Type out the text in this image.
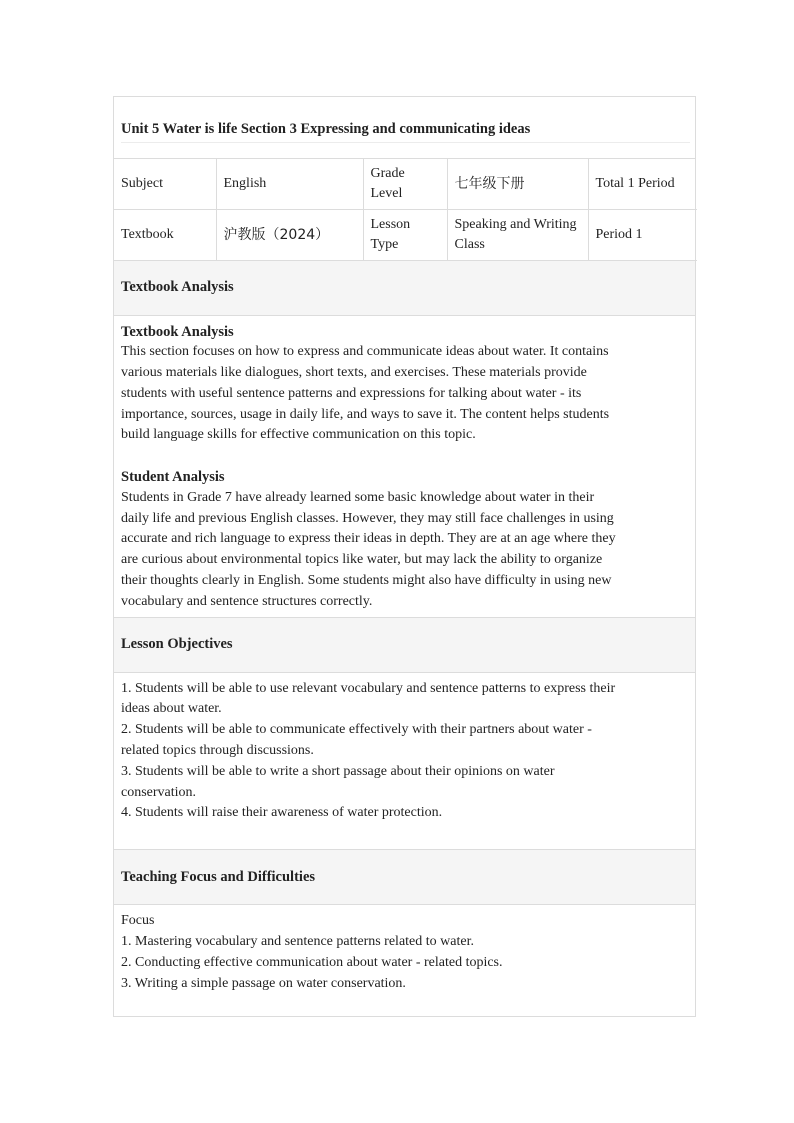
Unit 5 Water is life Section 3 Expressing and communicating ideas
Subject	English	Grade Level	七年级下册	Total 1 Period
Textbook	沪教版（2024）	Lesson Type	Speaking and Writing Class	Period 1
Textbook Analysis
Textbook Analysis
This section focuses on how to express and communicate ideas about water. It contains
various materials like dialogues, short texts, and exercises. These materials provide
students with useful sentence patterns and expressions for talking about water - its
importance, sources, usage in daily life, and ways to save it. The content helps students
build language skills for effective communication on this topic.
Student Analysis
Students in Grade 7 have already learned some basic knowledge about water in their
daily life and previous English classes. However, they may still face challenges in using
accurate and rich language to express their ideas in depth. They are at an age where they
are curious about environmental topics like water, but may lack the ability to organize
their thoughts clearly in English. Some students might also have difficulty in using new
vocabulary and sentence structures correctly.
Lesson Objectives
1. Students will be able to use relevant vocabulary and sentence patterns to express their
ideas about water.
2. Students will be able to communicate effectively with their partners about water -
related topics through discussions.
3. Students will be able to write a short passage about their opinions on water
conservation.
4. Students will raise their awareness of water protection.
Teaching Focus and Difficulties
Focus
1. Mastering vocabulary and sentence patterns related to water.
2. Conducting effective communication about water - related topics.
3. Writing a simple passage on water conservation.
